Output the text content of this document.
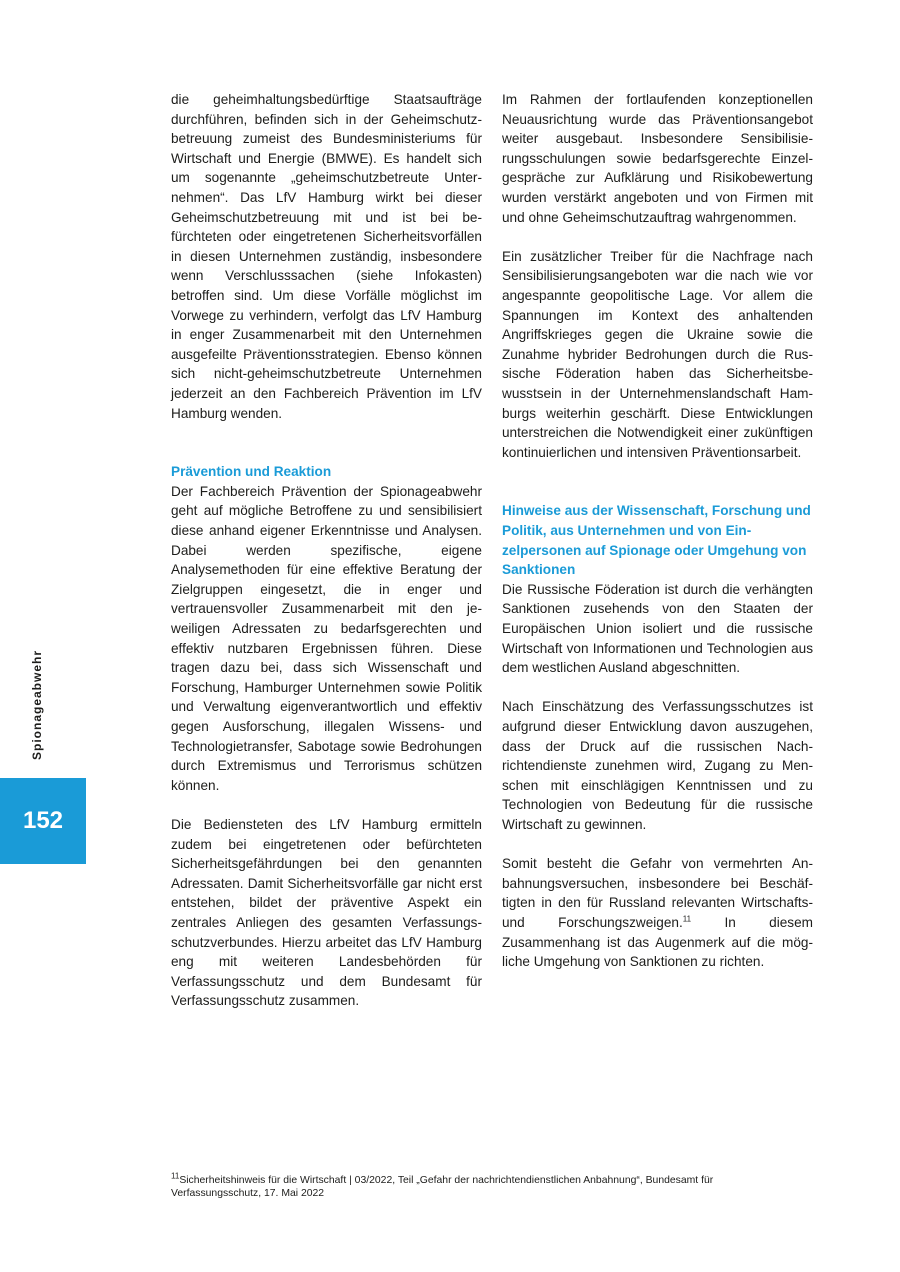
die geheimhaltungsbedürftige Staatsaufträge durchführen, befinden sich in der Geheimschutzbetreuung zumeist des Bundesministeriums für Wirtschaft und Energie (BMWE). Es handelt sich um sogenannte „geheimschutzbetreute Unternehmen“. Das LfV Hamburg wirkt bei dieser Geheimschutzbetreuung mit und ist bei befürchteten oder eingetretenen Sicherheitsvorfällen in diesen Unternehmen zuständig, insbesondere wenn Verschlusssachen (siehe Infokasten) betroffen sind. Um diese Vorfälle möglichst im Vorwege zu verhindern, verfolgt das LfV Hamburg in enger Zusammenarbeit mit den Unternehmen ausgefeilte Präventionsstrategien. Ebenso können sich nicht-geheimschutzbetreute Unternehmen jederzeit an den Fachbereich Prävention im LfV Hamburg wenden.

Prävention und Reaktion

Der Fachbereich Prävention der Spionageabwehr geht auf mögliche Betroffene zu und sensibilisiert diese anhand eigener Erkenntnisse und Analysen. Dabei werden spezifische, eigene Analysemethoden für eine effektive Beratung der Zielgruppen eingesetzt, die in enger und vertrauensvoller Zusammenarbeit mit den jeweiligen Adressaten zu bedarfsgerechten und effektiv nutzbaren Ergebnissen führen. Diese tragen dazu bei, dass sich Wissenschaft und Forschung, Hamburger Unternehmen sowie Politik und Verwaltung eigenverantwortlich und effektiv gegen Ausforschung, illegalen Wissens- und Technologietransfer, Sabotage sowie Bedrohungen durch Extremismus und Terrorismus schützen können.

Die Bediensteten des LfV Hamburg ermitteln zudem bei eingetretenen oder befürchteten Sicherheitsgefährdungen bei den genannten Adressaten. Damit Sicherheitsvorfälle gar nicht erst entstehen, bildet der präventive Aspekt ein zentrales Anliegen des gesamten Verfassungsschutzverbundes. Hierzu arbeitet das LfV Hamburg eng mit weiteren Landesbehörden für Verfassungsschutz und dem Bundesamt für Verfassungsschutz zusammen.

Im Rahmen der fortlaufenden konzeptionellen Neuausrichtung wurde das Präventionsangebot weiter ausgebaut. Insbesondere Sensibilisierungsschulungen sowie bedarfsgerechte Einzelgespräche zur Aufklärung und Risikobewertung wurden verstärkt angeboten und von Firmen mit und ohne Geheimschutzauftrag wahrgenommen.

Ein zusätzlicher Treiber für die Nachfrage nach Sensibilisierungsangeboten war die nach wie vor angespannte geopolitische Lage. Vor allem die Spannungen im Kontext des anhaltenden Angriffskrieges gegen die Ukraine sowie die Zunahme hybrider Bedrohungen durch die Russische Föderation haben das Sicherheitsbewusstsein in der Unternehmenslandschaft Hamburgs weiterhin geschärft. Diese Entwicklungen unterstreichen die Notwendigkeit einer zukünftigen kontinuierlichen und intensiven Präventionsarbeit.

Hinweise aus der Wissenschaft, Forschung und Politik, aus Unternehmen und von Einzelpersonen auf Spionage oder Umgehung von Sanktionen

Die Russische Föderation ist durch die verhängten Sanktionen zusehends von den Staaten der Europäischen Union isoliert und die russische Wirtschaft von Informationen und Technologien aus dem westlichen Ausland abgeschnitten.

Nach Einschätzung des Verfassungsschutzes ist aufgrund dieser Entwicklung davon auszugehen, dass der Druck auf die russischen Nachrichtendienste zunehmen wird, Zugang zu Menschen mit einschlägigen Kenntnissen und zu Technologien von Bedeutung für die russische Wirtschaft zu gewinnen.

Somit besteht die Gefahr von vermehrten Anbahnungsversuchen, insbesondere bei Beschäftigten in den für Russland relevanten Wirtschafts- und Forschungszweigen.$^{11}$ In diesem Zusammenhang ist das Augenmerk auf die mögliche Umgehung von Sanktionen zu richten.

Spionageabwehr
152
$^{11}$Sicherheitshinweis für die Wirtschaft | 03/2022, Teil „Gefahr der nachrichtendienstlichen Anbahnung“, Bundesamt für Verfassungsschutz, 17. Mai 2022
